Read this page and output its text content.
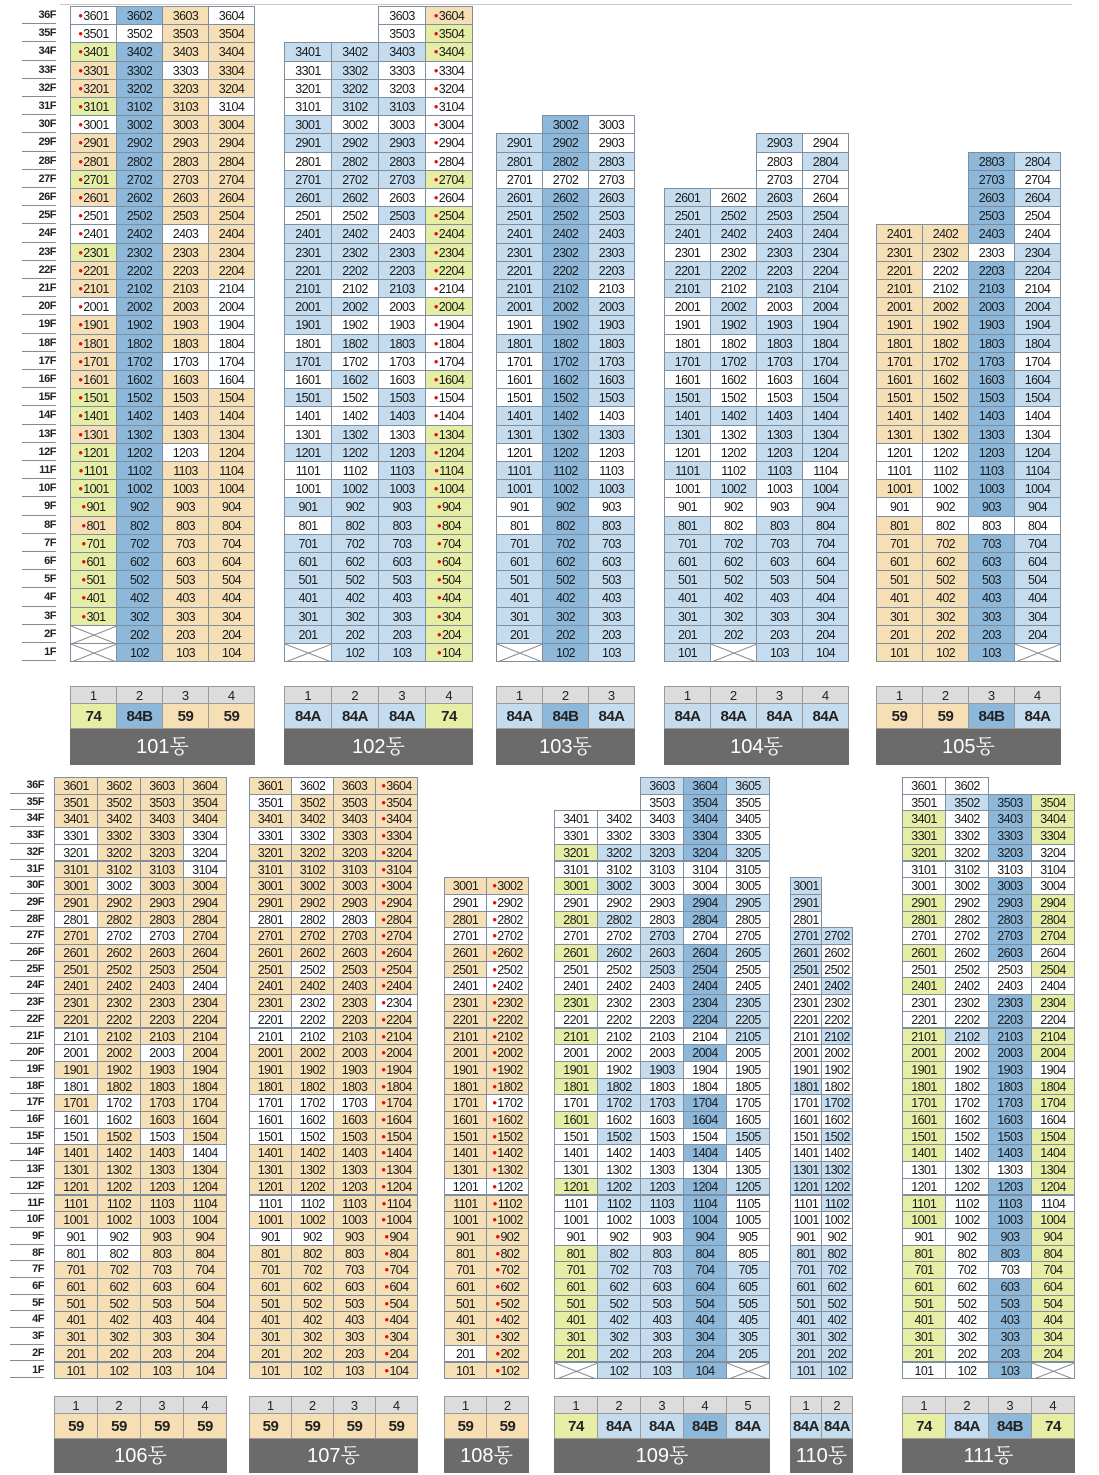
36F
35F
34F
33F
32F
31F
30F
29F
28F
27F
26F
25F
24F
23F
22F
21F
20F
19F
18F
17F
16F
15F
14F
13F
12F
11F
10F
9F
8F
7F
6F
5F
4F
3F
2F
1F
•3601
•3501
•3401
•3301
•3201
•3101
•3001
•2901
•2801
•2701
•2601
•2501
•2401
•2301
•2201
•2101
•2001
•1901
•1801
•1701
•1601
•1501
•1401
•1301
•1201
•1101
•1001
•901
•801
•701
•601
•501
•401
•301
3602
3502
3402
3302
3202
3102
3002
2902
2802
2702
2602
2502
2402
2302
2202
2102
2002
1902
1802
1702
1602
1502
1402
1302
1202
1102
1002
902
802
702
602
502
402
302
202
102
3603
3503
3403
3303
3203
3103
3003
2903
2803
2703
2603
2503
2403
2303
2203
2103
2003
1903
1803
1703
1603
1503
1403
1303
1203
1103
1003
903
803
703
603
503
403
303
203
103
3604
3504
3404
3304
3204
3104
3004
2904
2804
2704
2604
2504
2404
2304
2204
2104
2004
1904
1804
1704
1604
1504
1404
1304
1204
1104
1004
904
804
704
604
504
404
304
204
104
1
74
2
84B
3
59
4
59
101동
3401
3301
3201
3101
3001
2901
2801
2701
2601
2501
2401
2301
2201
2101
2001
1901
1801
1701
1601
1501
1401
1301
1201
1101
1001
901
801
701
601
501
401
301
201
3402
3302
3202
3102
3002
2902
2802
2702
2602
2502
2402
2302
2202
2102
2002
1902
1802
1702
1602
1502
1402
1302
1202
1102
1002
902
802
702
602
502
402
302
202
102
3603
3503
3403
3303
3203
3103
3003
2903
2803
2703
2603
2503
2403
2303
2203
2103
2003
1903
1803
1703
1603
1503
1403
1303
1203
1103
1003
903
803
703
603
503
403
303
203
103
•3604
•3504
•3404
•3304
•3204
•3104
•3004
•2904
•2804
•2704
•2604
•2504
•2404
•2304
•2204
•2104
•2004
•1904
•1804
•1704
•1604
•1504
•1404
•1304
•1204
•1104
•1004
•904
•804
•704
•604
•504
•404
•304
•204
•104
1
84A
2
84A
3
84A
4
74
102동
2901
2801
2701
2601
2501
2401
2301
2201
2101
2001
1901
1801
1701
1601
1501
1401
1301
1201
1101
1001
901
801
701
601
501
401
301
201
3002
2902
2802
2702
2602
2502
2402
2302
2202
2102
2002
1902
1802
1702
1602
1502
1402
1302
1202
1102
1002
902
802
702
602
502
402
302
202
102
3003
2903
2803
2703
2603
2503
2403
2303
2203
2103
2003
1903
1803
1703
1603
1503
1403
1303
1203
1103
1003
903
803
703
603
503
403
303
203
103
1
84A
2
84B
3
84A
103동
2601
2501
2401
2301
2201
2101
2001
1901
1801
1701
1601
1501
1401
1301
1201
1101
1001
901
801
701
601
501
401
301
201
101
2602
2502
2402
2302
2202
2102
2002
1902
1802
1702
1602
1502
1402
1302
1202
1102
1002
902
802
702
602
502
402
302
202
2903
2803
2703
2603
2503
2403
2303
2203
2103
2003
1903
1803
1703
1603
1503
1403
1303
1203
1103
1003
903
803
703
603
503
403
303
203
103
2904
2804
2704
2604
2504
2404
2304
2204
2104
2004
1904
1804
1704
1604
1504
1404
1304
1204
1104
1004
904
804
704
604
504
404
304
204
104
1
84A
2
84A
3
84A
4
84A
104동
2401
2301
2201
2101
2001
1901
1801
1701
1601
1501
1401
1301
1201
1101
1001
901
801
701
601
501
401
301
201
101
2402
2302
2202
2102
2002
1902
1802
1702
1602
1502
1402
1302
1202
1102
1002
902
802
702
602
502
402
302
202
102
2803
2703
2603
2503
2403
2303
2203
2103
2003
1903
1803
1703
1603
1503
1403
1303
1203
1103
1003
903
803
703
603
503
403
303
203
103
2804
2704
2604
2504
2404
2304
2204
2104
2004
1904
1804
1704
1604
1504
1404
1304
1204
1104
1004
904
804
704
604
504
404
304
204
1
59
2
59
3
84B
4
84A
105동
36F
35F
34F
33F
32F
31F
30F
29F
28F
27F
26F
25F
24F
23F
22F
21F
20F
19F
18F
17F
16F
15F
14F
13F
12F
11F
10F
9F
8F
7F
6F
5F
4F
3F
2F
1F
3601
3501
3401
3301
3201
3101
3001
2901
2801
2701
2601
2501
2401
2301
2201
2101
2001
1901
1801
1701
1601
1501
1401
1301
1201
1101
1001
901
801
701
601
501
401
301
201
101
3602
3502
3402
3302
3202
3102
3002
2902
2802
2702
2602
2502
2402
2302
2202
2102
2002
1902
1802
1702
1602
1502
1402
1302
1202
1102
1002
902
802
702
602
502
402
302
202
102
3603
3503
3403
3303
3203
3103
3003
2903
2803
2703
2603
2503
2403
2303
2203
2103
2003
1903
1803
1703
1603
1503
1403
1303
1203
1103
1003
903
803
703
603
503
403
303
203
103
3604
3504
3404
3304
3204
3104
3004
2904
2804
2704
2604
2504
2404
2304
2204
2104
2004
1904
1804
1704
1604
1504
1404
1304
1204
1104
1004
904
804
704
604
504
404
304
204
104
1
59
2
59
3
59
4
59
106동
3601
3501
3401
3301
3201
3101
3001
2901
2801
2701
2601
2501
2401
2301
2201
2101
2001
1901
1801
1701
1601
1501
1401
1301
1201
1101
1001
901
801
701
601
501
401
301
201
101
3602
3502
3402
3302
3202
3102
3002
2902
2802
2702
2602
2502
2402
2302
2202
2102
2002
1902
1802
1702
1602
1502
1402
1302
1202
1102
1002
902
802
702
602
502
402
302
202
102
3603
3503
3403
3303
3203
3103
3003
2903
2803
2703
2603
2503
2403
2303
2203
2103
2003
1903
1803
1703
1603
1503
1403
1303
1203
1103
1003
903
803
703
603
503
403
303
203
103
•3604
•3504
•3404
•3304
•3204
•3104
•3004
•2904
•2804
•2704
•2604
•2504
•2404
•2304
•2204
•2104
•2004
•1904
•1804
•1704
•1604
•1504
•1404
•1304
•1204
•1104
•1004
•904
•804
•704
•604
•504
•404
•304
•204
•104
1
59
2
59
3
59
4
59
107동
3001
2901
2801
2701
2601
2501
2401
2301
2201
2101
2001
1901
1801
1701
1601
1501
1401
1301
1201
1101
1001
901
801
701
601
501
401
301
201
101
•3002
•2902
•2802
•2702
•2602
•2502
•2402
•2302
•2202
•2102
•2002
•1902
•1802
•1702
•1602
•1502
•1402
•1302
•1202
•1102
•1002
•902
•802
•702
•602
•502
•402
•302
•202
•102
1
59
2
59
108동
3401
3301
3201
3101
3001
2901
2801
2701
2601
2501
2401
2301
2201
2101
2001
1901
1801
1701
1601
1501
1401
1301
1201
1101
1001
901
801
701
601
501
401
301
201
3402
3302
3202
3102
3002
2902
2802
2702
2602
2502
2402
2302
2202
2102
2002
1902
1802
1702
1602
1502
1402
1302
1202
1102
1002
902
802
702
602
502
402
302
202
102
3603
3503
3403
3303
3203
3103
3003
2903
2803
2703
2603
2503
2403
2303
2203
2103
2003
1903
1803
1703
1603
1503
1403
1303
1203
1103
1003
903
803
703
603
503
403
303
203
103
3604
3504
3404
3304
3204
3104
3004
2904
2804
2704
2604
2504
2404
2304
2204
2104
2004
1904
1804
1704
1604
1504
1404
1304
1204
1104
1004
904
804
704
604
504
404
304
204
104
3605
3505
3405
3305
3205
3105
3005
2905
2805
2705
2605
2505
2405
2305
2205
2105
2005
1905
1805
1705
1605
1505
1405
1305
1205
1105
1005
905
805
705
605
505
405
305
205
1
74
2
84A
3
84A
4
84B
5
84A
109동
3001
2901
2801
2701
2601
2501
2401
2301
2201
2101
2001
1901
1801
1701
1601
1501
1401
1301
1201
1101
1001
901
801
701
601
501
401
301
201
101
2702
2602
2502
2402
2302
2202
2102
2002
1902
1802
1702
1602
1502
1402
1302
1202
1102
1002
902
802
702
602
502
402
302
202
102
1
84A
2
84A
110동
3601
3501
3401
3301
3201
3101
3001
2901
2801
2701
2601
2501
2401
2301
2201
2101
2001
1901
1801
1701
1601
1501
1401
1301
1201
1101
1001
901
801
701
601
501
401
301
201
101
3602
3502
3402
3302
3202
3102
3002
2902
2802
2702
2602
2502
2402
2302
2202
2102
2002
1902
1802
1702
1602
1502
1402
1302
1202
1102
1002
902
802
702
602
502
402
302
202
102
3503
3403
3303
3203
3103
3003
2903
2803
2703
2603
2503
2403
2303
2203
2103
2003
1903
1803
1703
1603
1503
1403
1303
1203
1103
1003
903
803
703
603
503
403
303
203
103
3504
3404
3304
3204
3104
3004
2904
2804
2704
2604
2504
2404
2304
2204
2104
2004
1904
1804
1704
1604
1504
1404
1304
1204
1104
1004
904
804
704
604
504
404
304
204
1
74
2
84A
3
84B
4
74
111동
